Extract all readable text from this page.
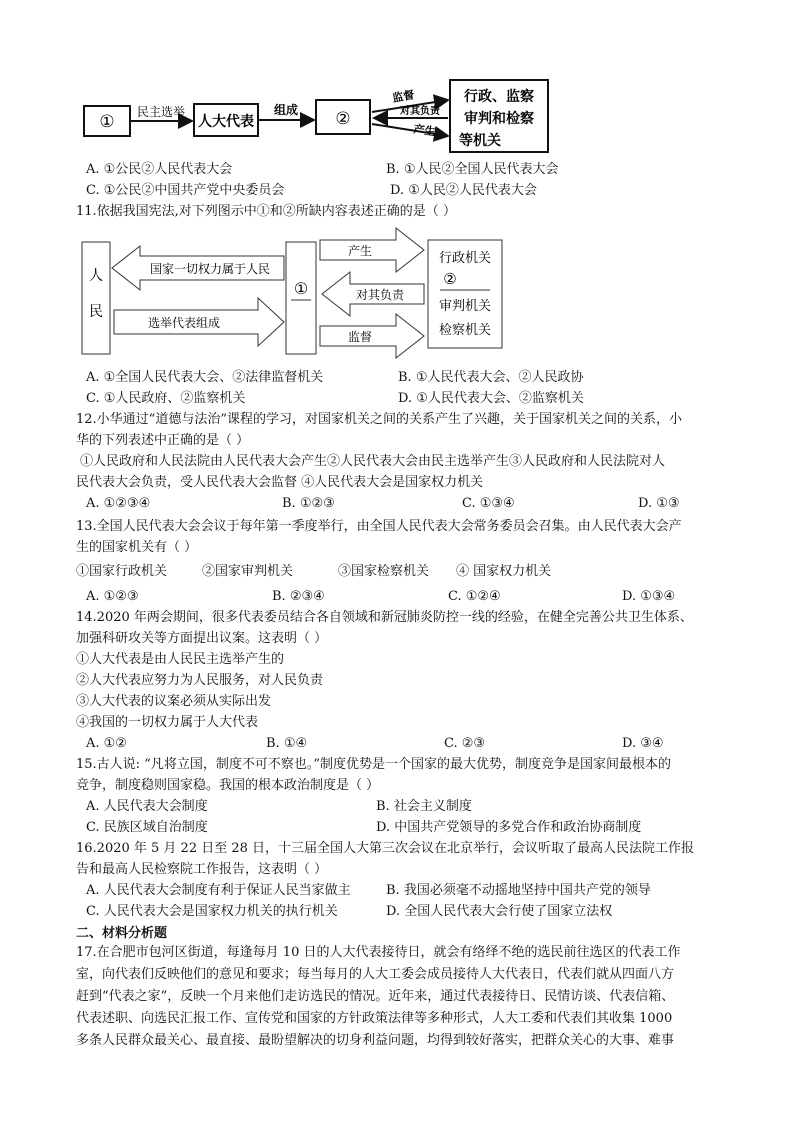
① 民主选举
人大代表
组成 ②
监督
对其负责
产生
行政、监察
审判和检察
等机关
A. ①公民②人民代表大会	B. ①人民②全国人民代表大会
C. ①公民②中国共产党中央委员会	D. ①人民②人民代表大会
11.依据我国宪法,对下列图示中①和②所缺内容表述正确的是（ ）
人
民
国家一切权力属于人民
选举代表组成
①
产生
对其负责
监督
行政机关
②
审判机关
检察机关
A. ①全国人民代表大会、②法律监督机关	B. ①人民代表大会、②人民政协
C. ①人民政府、②监察机关	D. ①人民代表大会、②监察机关
12.小华通过“道德与法治”课程的学习，对国家机关之间的关系产生了兴趣，关于国家机关之间的关系，小
华的下列表述中正确的是（ ）
①人民政府和人民法院由人民代表大会产生②人民代表大会由民主选举产生③人民政府和人民法院对人
民代表大会负责，受人民代表大会监督 ④人民代表大会是国家权力机关
A. ①②③④	B. ①②③	C. ①③④	D. ①③
13.全国人民代表大会会议于每年第一季度举行，由全国人民代表大会常务委员会召集。由人民代表大会产
生的国家机关有（ ）
①国家行政机关	②国家审判机关	③国家检察机关 ④ 国家权力机关
A. ①②③	B. ②③④	C. ①②④	D. ①③④
14.2020 年两会期间，很多代表委员结合各自领域和新冠肺炎防控一线的经验，在健全完善公共卫生体系、
加强科研攻关等方面提出议案。这表明（ ）
①人大代表是由人民民主选举产生的
②人大代表应努力为人民服务，对人民负责
③人大代表的议案必须从实际出发
④我国的一切权力属于人大代表
A. ①②	B. ①④	C. ②③	D. ③④
15.古人说: “凡将立国，制度不可不察也。”制度优势是一个国家的最大优势，制度竞争是国家间最根本的
竞争，制度稳则国家稳。我国的根本政治制度是（ ）
A. 人民代表大会制度	B. 社会主义制度
C. 民族区域自治制度	D. 中国共产党领导的多党合作和政治协商制度
16.2020 年 5 月 22 日至 28 日，十三届全国人大第三次会议在北京举行，会议听取了最高人民法院工作报
告和最高人民检察院工作报告，这表明（ ）
A. 人民代表大会制度有利于保证人民当家做主	B. 我国必须毫不动摇地坚持中国共产党的领导
C. 人民代表大会是国家权力机关的执行机关	D. 全国人民代表大会行使了国家立法权
二、材料分析题
17.在合肥市包河区街道，每逢每月 10 日的人大代表接待日，就会有络绎不绝的选民前往选区的代表工作
室，向代表们反映他们的意见和要求；每当每月的人大工委会成员接待人大代表日，代表们就从四面八方
赶到“代表之家”，反映一个月来他们走访选民的情况。近年来，通过代表接待日、民情访谈、代表信箱、
代表述职、向选民汇报工作、宣传党和国家的方针政策法律等多种形式，人大工委和代表们其收集 1000
多条人民群众最关心、最直接、最盼望解决的切身利益问题，均得到较好落实，把群众关心的大事、难事
